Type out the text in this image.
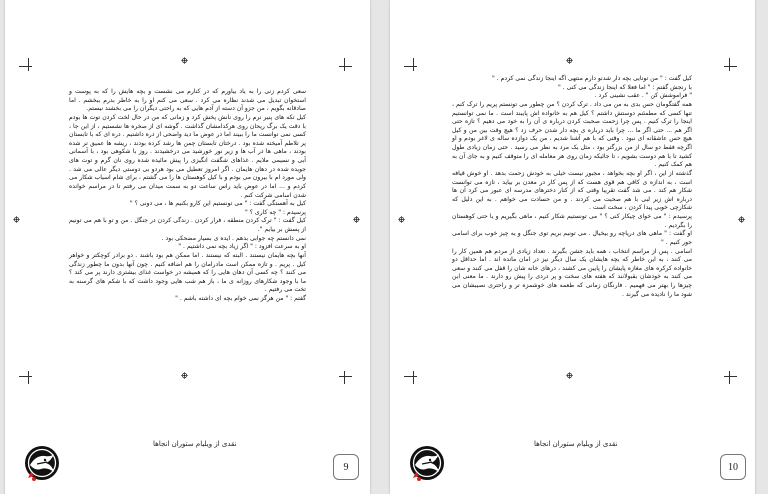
سعی کردم زنی را به یاد بیاورم که در کنارم می نشست و بچه هایش را که به پوست و استخوان تبدیل می شدند نظاره می کرد . سعی می کنم او را به خاطر بدرم ببخشم . اما صادقانه بگویم ، من جزو آن دسته از آدم هایی که به راحتی دیگران را می بخشند نیستم.

کیل تکه های پنیر نرم را روی نانش پخش کرد و زمانی که من در حال لخت کردن توت ها بودم با دقت یک برگ ریحان روی هرکدامشان گذاشت . گوشه ای از صخره ها نشستیم ، از این جا ، کسی نمی توانست ما را ببیند اما در عوض ما دید واضحی از دره داشتیم . دره ای که با تابستان پر تلاطم آمیخته شده بود . درختان تابستان چمن ها رشد کرده بودند ، ریشه ها عمیق تر شده بودند ، ماهی ها در آب ها و زیر نور خورشید می درخشیدند . روز با شکوهی بود ، با آسمانی آبی و نسیمی ملایم . غذاهای شگفت انگیزی را پیش مائیده شده روی نان گرم و توت های جویده شده در دهان هایمان . اگر امروز تعطیل می بود هردو بی دوستی دیگر عالی می شد . ولی مورد ام با بیرون می بودم و با کیل کوهستان ها را می گشتم ، برای شام اسیاب شکار می کردم و ... اما در عوض باید راس ساعت دو به سمت میدان می رفتم تا در مراسم خوانده شدن اسامی شرکت کنم .

کیل به آهستگی گفت : " می تونستیم این کارو بکنیم ها ، می دونی ؟ "

پرسیدم : " چه کاری ؟ "

کیل گفت : " ترک کردن منطقه ، فرار کردن . زندگی کردن در جنگل . من و تو با هم می تونیم از پسش بر بیایم ".

نمی دانستم چه جوابی بدهم . ایده ی بسیار مضحکی بود .

او به سرعت افزود : " اگر زیاد بچه نمی داشتیم . "

آنها بچه هایمان نیستند . البته که نیستند . اما ممکن هم بود باشند . دو برادر کوچکتر و خواهر کیل . پریم . و تازه ممکن است مادرامان را هم اضافه کنیم . چون آنها بدون ما چطور زندگی می کنند ؟ چه کسی آن دهان هایی را که همیشه در خواست غذای بیشتری دارند پر می کند ؟ ما با وجود شکارهای روزانه ی ما ، باز هم شب هایی وجود داشت که با شکم های گرسنه به تخت می رفتیم .

گفتم : " من هرگز نمی خوام بچه ای داشته باشم . "

نقدی از ویلیام ستوران انجاها
9

کیل گفت : " من تونایی بچه دار شدنو دارم منتهی اگه اینجا زندگی نمی کردم . "

با رنجش گفتم : " اما فعلا که اینجا زندگی می کنی . "

" فراموشش کن " . عقب نشینی کرد .

همه گفتگومان حس بدی به من می داد . ترک کردن ؟ من چطور می تونستم پریم را ترک کنم ، تنها کسی که مطمئنم دوستش داشتم ؟ کیل هم به خانواده اش پایبند است . ما نمی توانستیم اینجا را ترک کنیم . پس چرا زحمت صحبت کردن درباره ی آن را به خود می دهیم ؟ تازه حتی اگر هم ... حتی اگر ما ... چرا باید درباره ی بچه دار شدن حرف زد ؟ هیچ وقت بین من و کیل هیچ حس عاشقانه ای نبود . وقتی که با هم آشنا شدیم ، من یک دوازده ساله ی لاغر بودم و او اگرچه فقط دو سال از من بزرگتر بود ، مثل یک مرد به نظر می رسید . حتی زمان زیادی طول کشید تا با هم دوست بشویم ، تا جائیکه زمان روی هر معامله ای را متوقف کنیم و به جای آن به هم کمک کنیم .

گذشته از این ، اگر او بچه بخواهد ، مجبور نیست خیلی به خودش زحمت بدهد . او خوش قیافه است ، به اندازه ی کافی هم قوی هست که از پس کار در معدن بر بیاید ، تازه می توانست شکار هم کند . می شد گفت تقریبا وقتی که از کنار دخترهای مدرسه ای عبور می کرد آن ها درباره اش زیر لبی با هم صحبت می کردند . و من حسادت می خواهم . به این دلیل که شکارچی خوبی پیدا کردن ، سخت است .

پرسیدم : " می خوای چیکار کنی ؟ " می تونستیم شکار کنیم ، ماهی بگیریم و یا حتی کوهستان را بگردیم .

او گفت : " ماهی های دریاچه رو بیخیال . می تونیم بریم توی جنگل و یه چیز خوب برای اسامی جور کنیم . "

اسامی . پس از مراسم انتخاب ، همه باید جشن بگیرند . تعداد زیادی از مردم هم همین کار را می کنند ، به این خاطر که بچه هایشان یک سال دیگر نیز در امان مانده اند . اما حداقل دو خانواده کرکره های مغازه پایشان را پایین می کشند ، درهای خانه شان را قفل می کنند و سعی می کنند به خودشان بقبولانند که هفته های سخت و پر دردی را پیش رو دارند . ما معنی این چیزها را بهتر می فهمیم . فارنگان زمانی که طعمه های خوشمزه تر و راحتری نصیبشان می شود ما را نادیده می گیرند .

نقدی از ویلیام ستوران انجاها
10
